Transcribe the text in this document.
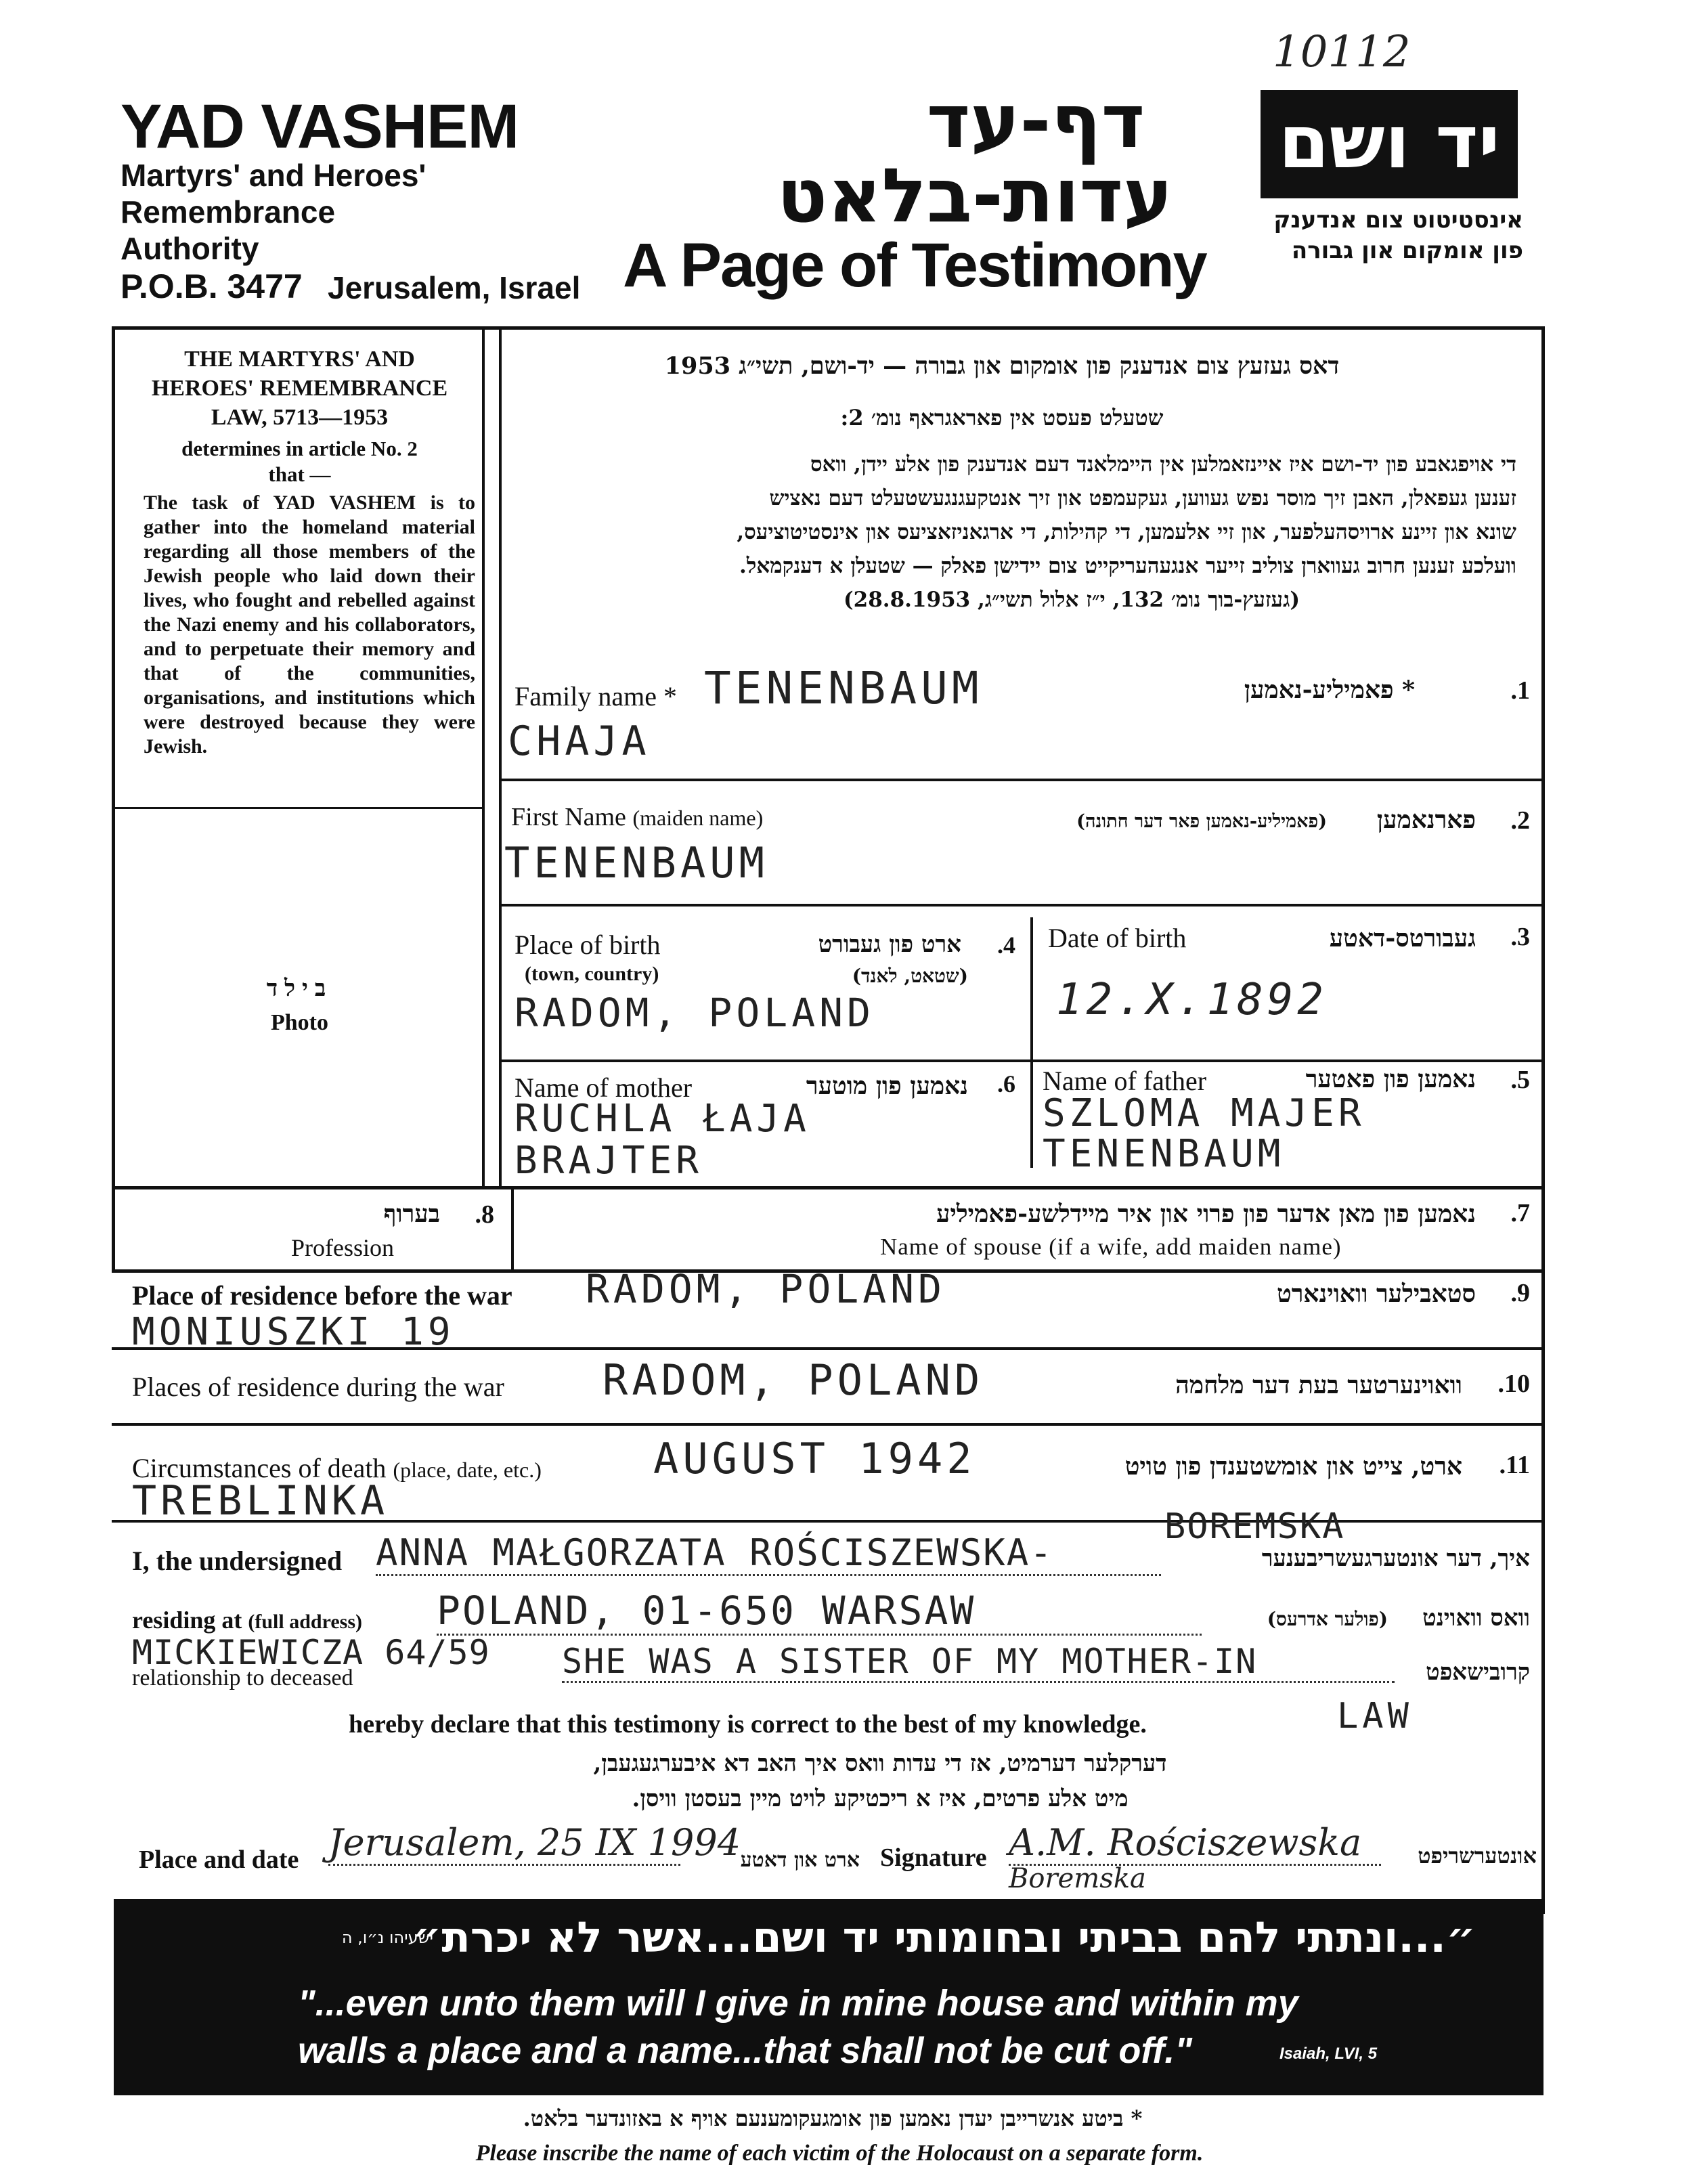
10112
YAD VASHEM
Martyrs' and Heroes'
Remembrance
Authority
P.O.B. 3477 Jerusalem, Israel
דף-עד
עדות-בלאט
A Page of Testimony
יד ושם
אינסטיטוט צום אנדענק
פון אומקום און גבורה
THE MARTYRS' AND
HEROES' REMEMBRANCE
LAW, 5713—1953
determines in article No. 2
that —
The task of YAD VASHEM is to gather into the homeland material regarding all those members of the Jewish people who laid down their lives, who fought and rebelled against the Nazi enemy and his collaborators, and to perpetuate their memory and that of the communities, organisations, and institutions which were destroyed because they were Jewish.
בילד
Photo
דאס געזעץ צום אנדענק פון אומקום און גבורה — יד-ושם, תשי״ג 1953
שטעלט פעסט אין פאראגראף נומ׳ 2:
די אויפגאבע פון יד-ושם איז איינזאמלען אין היימלאנד דעם אנדענק פון אלע יידן, וואס
זענען געפאלן, האבן זיך מוסר נפש געווען, געקעמפט און זיך אנטקעגנגעשטעלט דעם נאציש
שונא און זיינע ארויסהעלפער, און זיי אלעמען, די קהילות, די ארגאניזאציעס און אינסטיטוציעס,
וועלכע זענען חרוב געווארן צוליב זייער אנגעהעריקייט צום יידישן פאלק — שטעלן א דענקמאל.
(געזעץ-בוך נומ׳ 132, י״ז אלול תשי״ג, 28.8.1953)
Family name * TENENBAUM
CHAJA
* פאמיליע-נאמען	.1
First Name (maiden name)
TENENBAUM
(פאמיליע-נאמען פאר דער חתונה)	פארנאמען	.2
Place of birth
(town, country)
ארט פון געבורט
(שטאט, לאנד)
.4
RADOM, POLAND
Date of birth	געבורטס-דאטע	.3
12.X.1892
Name of mother	נאמען פון מוטער	.6
RUCHLA ŁAJA
BRAJTER
Name of father	נאמען פון פאטער	.5
SZLOMA MAJER
TENENBAUM
בערוף	.8
Profession
נאמען פון מאן אדער פון פרוי און איר מיידלשע-פאמיליע	.7
Name of spouse (if a wife, add maiden name)
Place of residence before the war RADOM, POLAND
MONIUSZKI 19
סטאבילער וואוינארט	.9
Places of residence during the war RADOM, POLAND	וואוינערטער בעת דער מלחמה	.10
Circumstances of death (place, date, etc.)	AUGUST 1942
TREBLINKA
ארט, צייט און אומשטענדן פון טויט	.11
I, the undersigned ANNA MAŁGORZATA ROŚCISZEWSKA-
BOREMSKA
איך, דער אונטערגעשריבענער
residing at (full address) POLAND, 01-650 WARSAW	(פולער אדרעס)	וואס וואוינט
MICKIEWICZA 64/59
relationship to deceased	SHE WAS A SISTER OF MY MOTHER-IN	קרובישאפט
LAW
hereby declare that this testimony is correct to the best of my knowledge.
דערקלער דערמיט, אז די עדות וואס איך האב דא איבערגעגעבן,
מיט אלע פרטים, איז א ריכטיקע לויט מיין בעסטן וויסן.
Place and date Jerusalem, 25 IX 1994 ארט און דאטע Signature A.M. Rościszewska
Boremska
אונטערשריפט
״...ונתתי להם בביתי ובחומותי יד ושם...אשר לא יכרת״
ישעיהו נ״ו, ה
"...even unto them will I give in mine house and within my
walls a place and a name...that shall not be cut off."	Isaiah, LVI, 5
* ביטע אנשרייבן יעדן נאמען פון אומגעקומענעם אויף א באזונדער בלאט.
Please inscribe the name of each victim of the Holocaust on a separate form.
